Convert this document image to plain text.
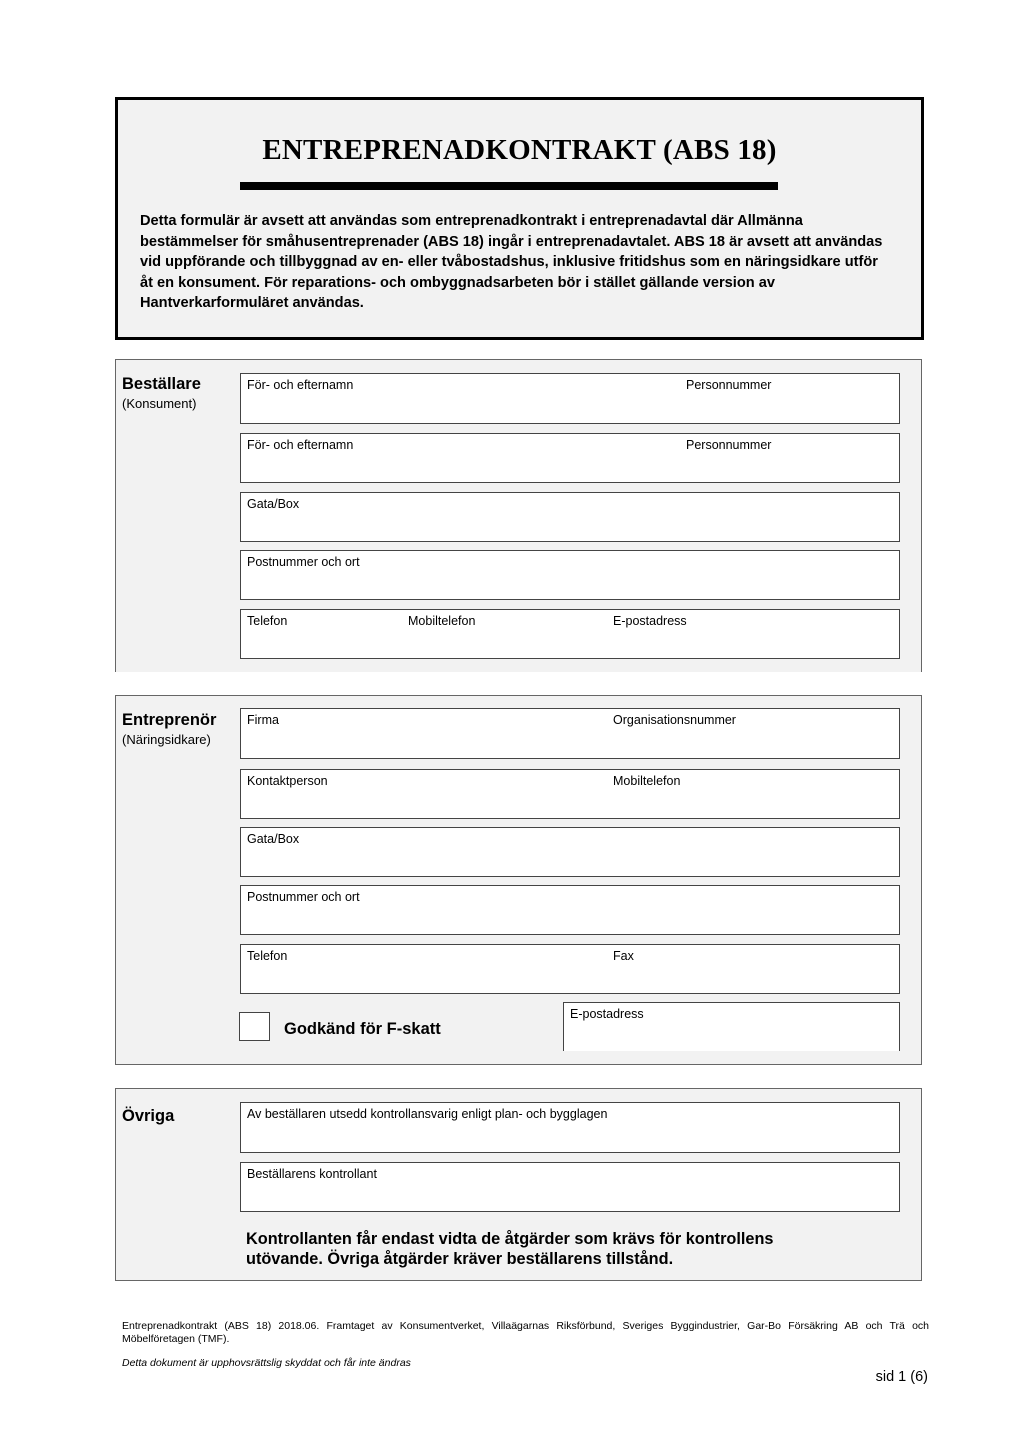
ENTREPRENADKONTRAKT (ABS 18)
Detta formulär är avsett att användas som entreprenadkontrakt i entreprenadavtal där Allmänna bestämmelser för småhusentreprenader (ABS 18) ingår i entreprenadavtalet. ABS 18 är avsett att användas vid uppförande och tillbyggnad av en- eller tvåbostadshus, inklusive fritidshus som en näringsidkare utför åt en konsument. För reparations- och ombyggnadsarbeten bör i stället gällande version av Hantverkarformuläret användas.
Beställare
(Konsument)
För- och efternamn	Personnummer
För- och efternamn	Personnummer
Gata/Box
Postnummer och ort
Telefon	Mobiltelefon	E-postadress
Entreprenör
(Näringsidkare)
Firma	Organisationsnummer
Kontaktperson	Mobiltelefon
Gata/Box
Postnummer och ort
Telefon	Fax
Godkänd för F-skatt
E-postadress
Övriga	Av beställaren utsedd kontrollansvarig enligt plan- och bygglagen
Beställarens kontrollant
Kontrollanten får endast vidta de åtgärder som krävs för kontrollens
utövande. Övriga åtgärder kräver beställarens tillstånd.
Entreprenadkontrakt (ABS 18) 2018.06. Framtaget av Konsumentverket, Villaägarnas Riksförbund, Sveriges Byggindustrier, Gar-Bo Försäkring AB och Trä och Möbelföretagen (TMF).
Detta dokument är upphovsrättslig skyddat och får inte ändras
sid 1 (6)
